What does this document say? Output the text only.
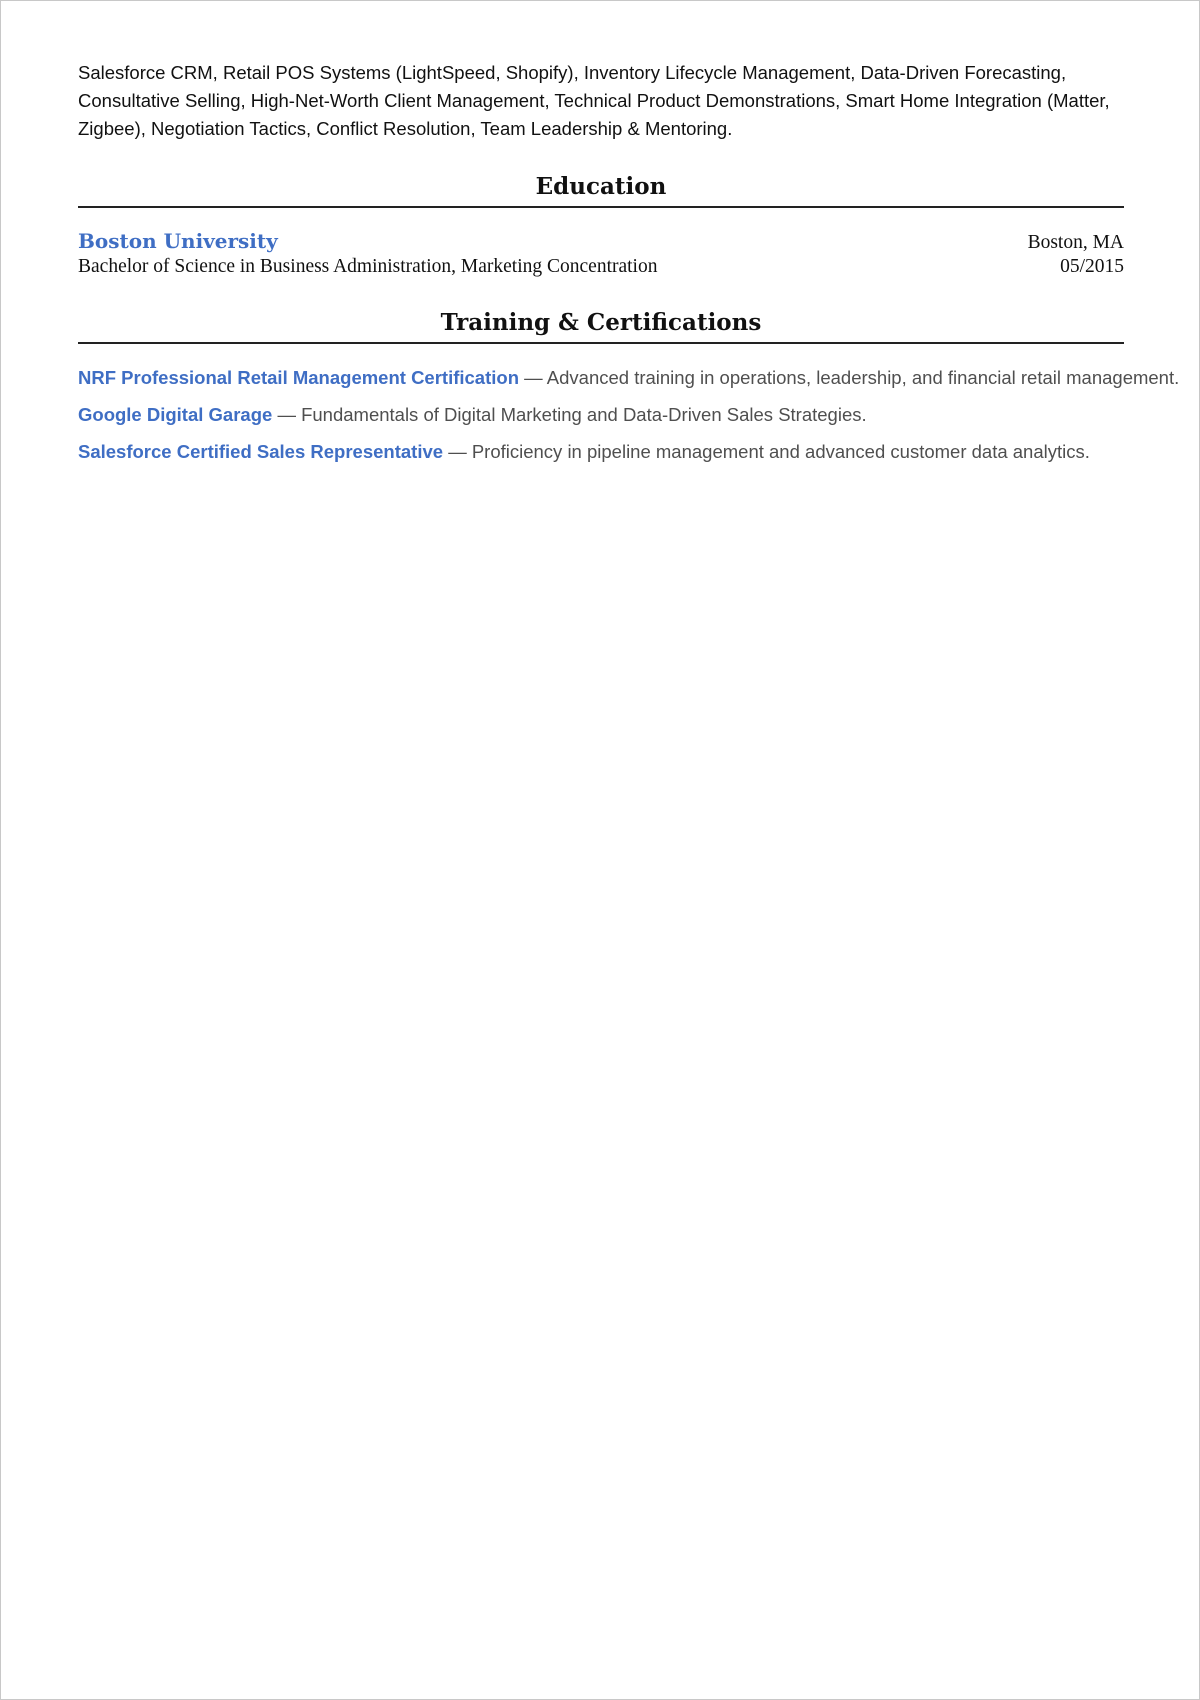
Salesforce CRM, Retail POS Systems (LightSpeed, Shopify), Inventory Lifecycle Management, Data-Driven Forecasting, Consultative Selling, High-Net-Worth Client Management, Technical Product Demonstrations, Smart Home Integration (Matter, Zigbee), Negotiation Tactics, Conflict Resolution, Team Leadership & Mentoring.

Education
Boston University	Boston, MA
Bachelor of Science in Business Administration, Marketing Concentration	05/2015
Training & Certifications
NRF Professional Retail Management Certification — Advanced training in operations, leadership, and financial retail management.
Google Digital Garage — Fundamentals of Digital Marketing and Data-Driven Sales Strategies.
Salesforce Certified Sales Representative — Proficiency in pipeline management and advanced customer data analytics.
